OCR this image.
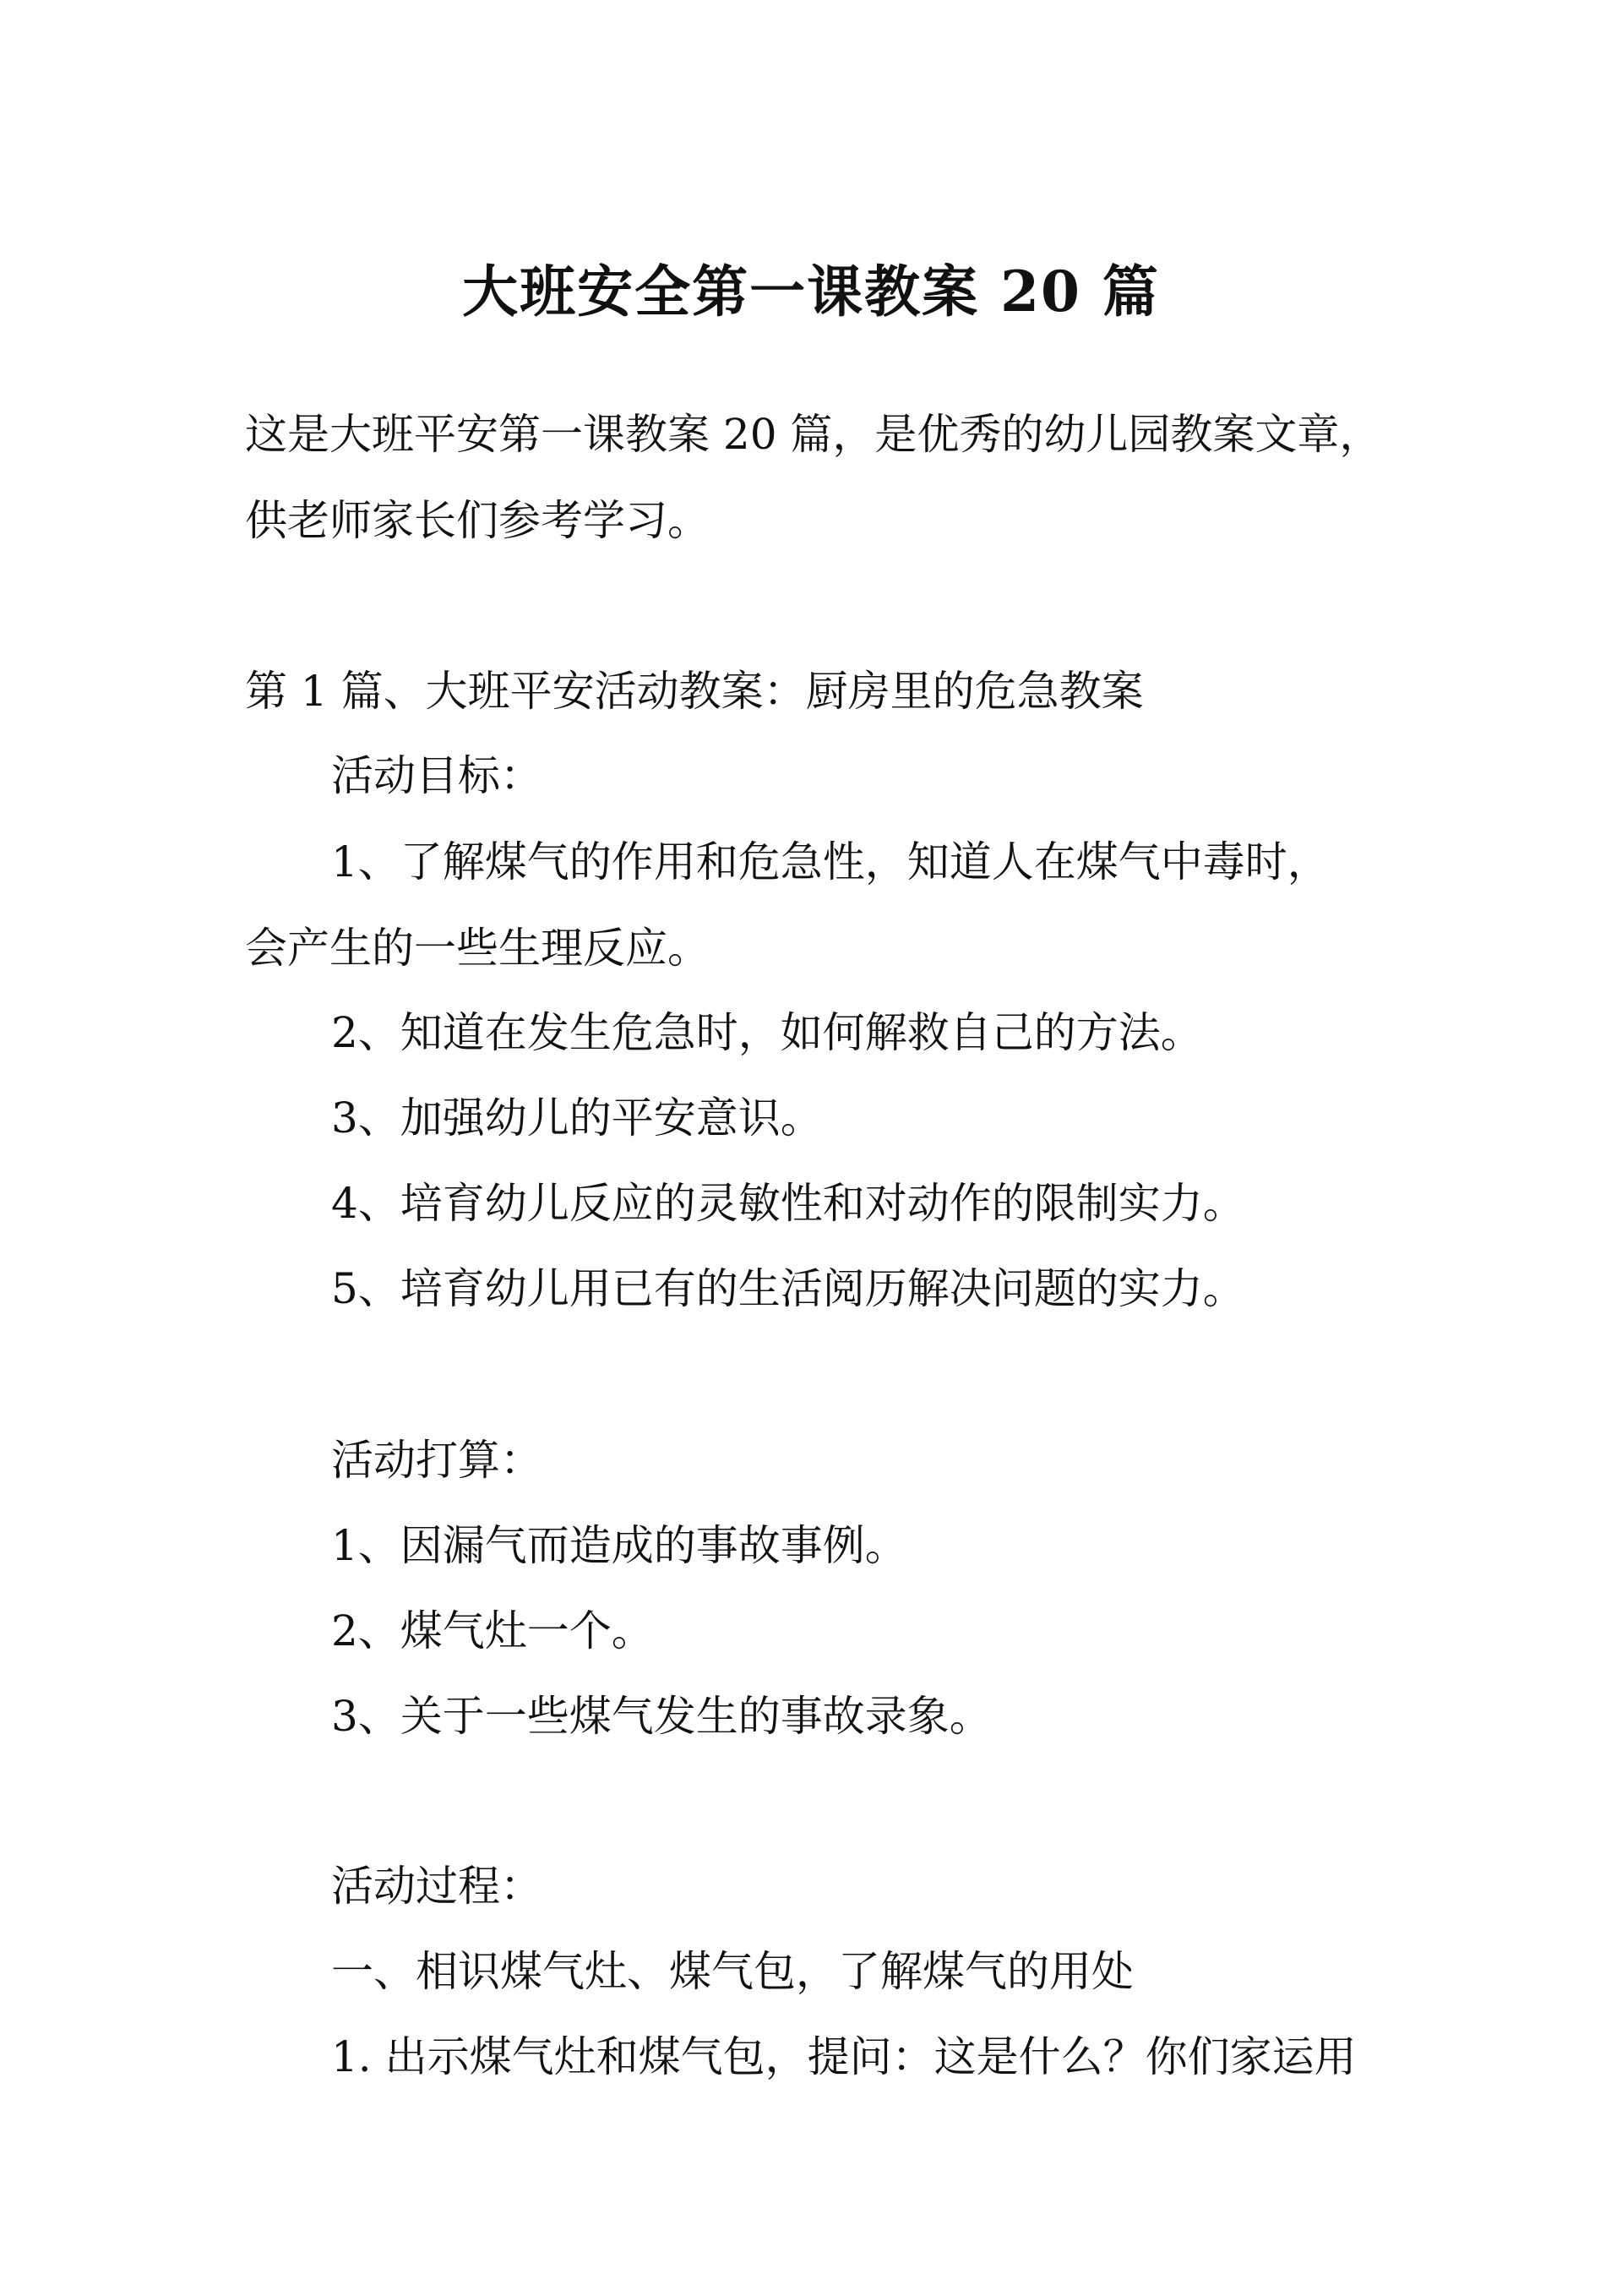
大班安全第一课教案 20 篇
这是大班平安第一课教案 20 篇，是优秀的幼儿园教案文章，
供老师家长们参考学习。
第 1 篇、大班平安活动教案：厨房里的危急教案
活动目标：
1、了解煤气的作用和危急性，知道人在煤气中毒时，
会产生的一些生理反应。
2、知道在发生危急时，如何解救自己的方法。
3、加强幼儿的平安意识。
4、培育幼儿反应的灵敏性和对动作的限制实力。
5、培育幼儿用已有的生活阅历解决问题的实力。
活动打算：
1、因漏气而造成的事故事例。
2、煤气灶一个。
3、关于一些煤气发生的事故录象。
活动过程：
一、相识煤气灶、煤气包，了解煤气的用处
1. 出示煤气灶和煤气包，提问：这是什么？你们家运用
